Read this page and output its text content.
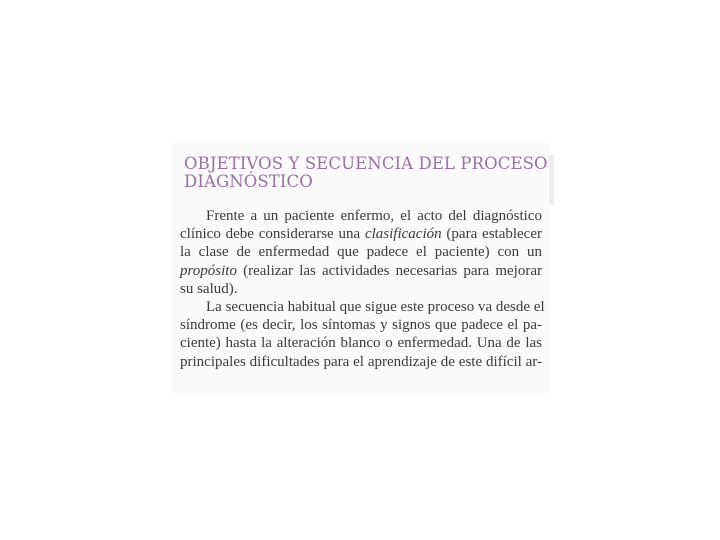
OBJETIVOS Y SECUENCIA DEL PROCESO
DIAGNÓSTICO
Frente a un paciente enfermo, el acto del diagnóstico
clínico debe considerarse una clasificación (para establecer
la clase de enfermedad que padece el paciente) con un
propósito (realizar las actividades necesarias para mejorar
su salud).
La secuencia habitual que sigue este proceso va desde el
síndrome (es decir, los síntomas y signos que padece el pa-
ciente) hasta la alteración blanco o enfermedad. Una de las
principales dificultades para el aprendizaje de este difícil ar-
